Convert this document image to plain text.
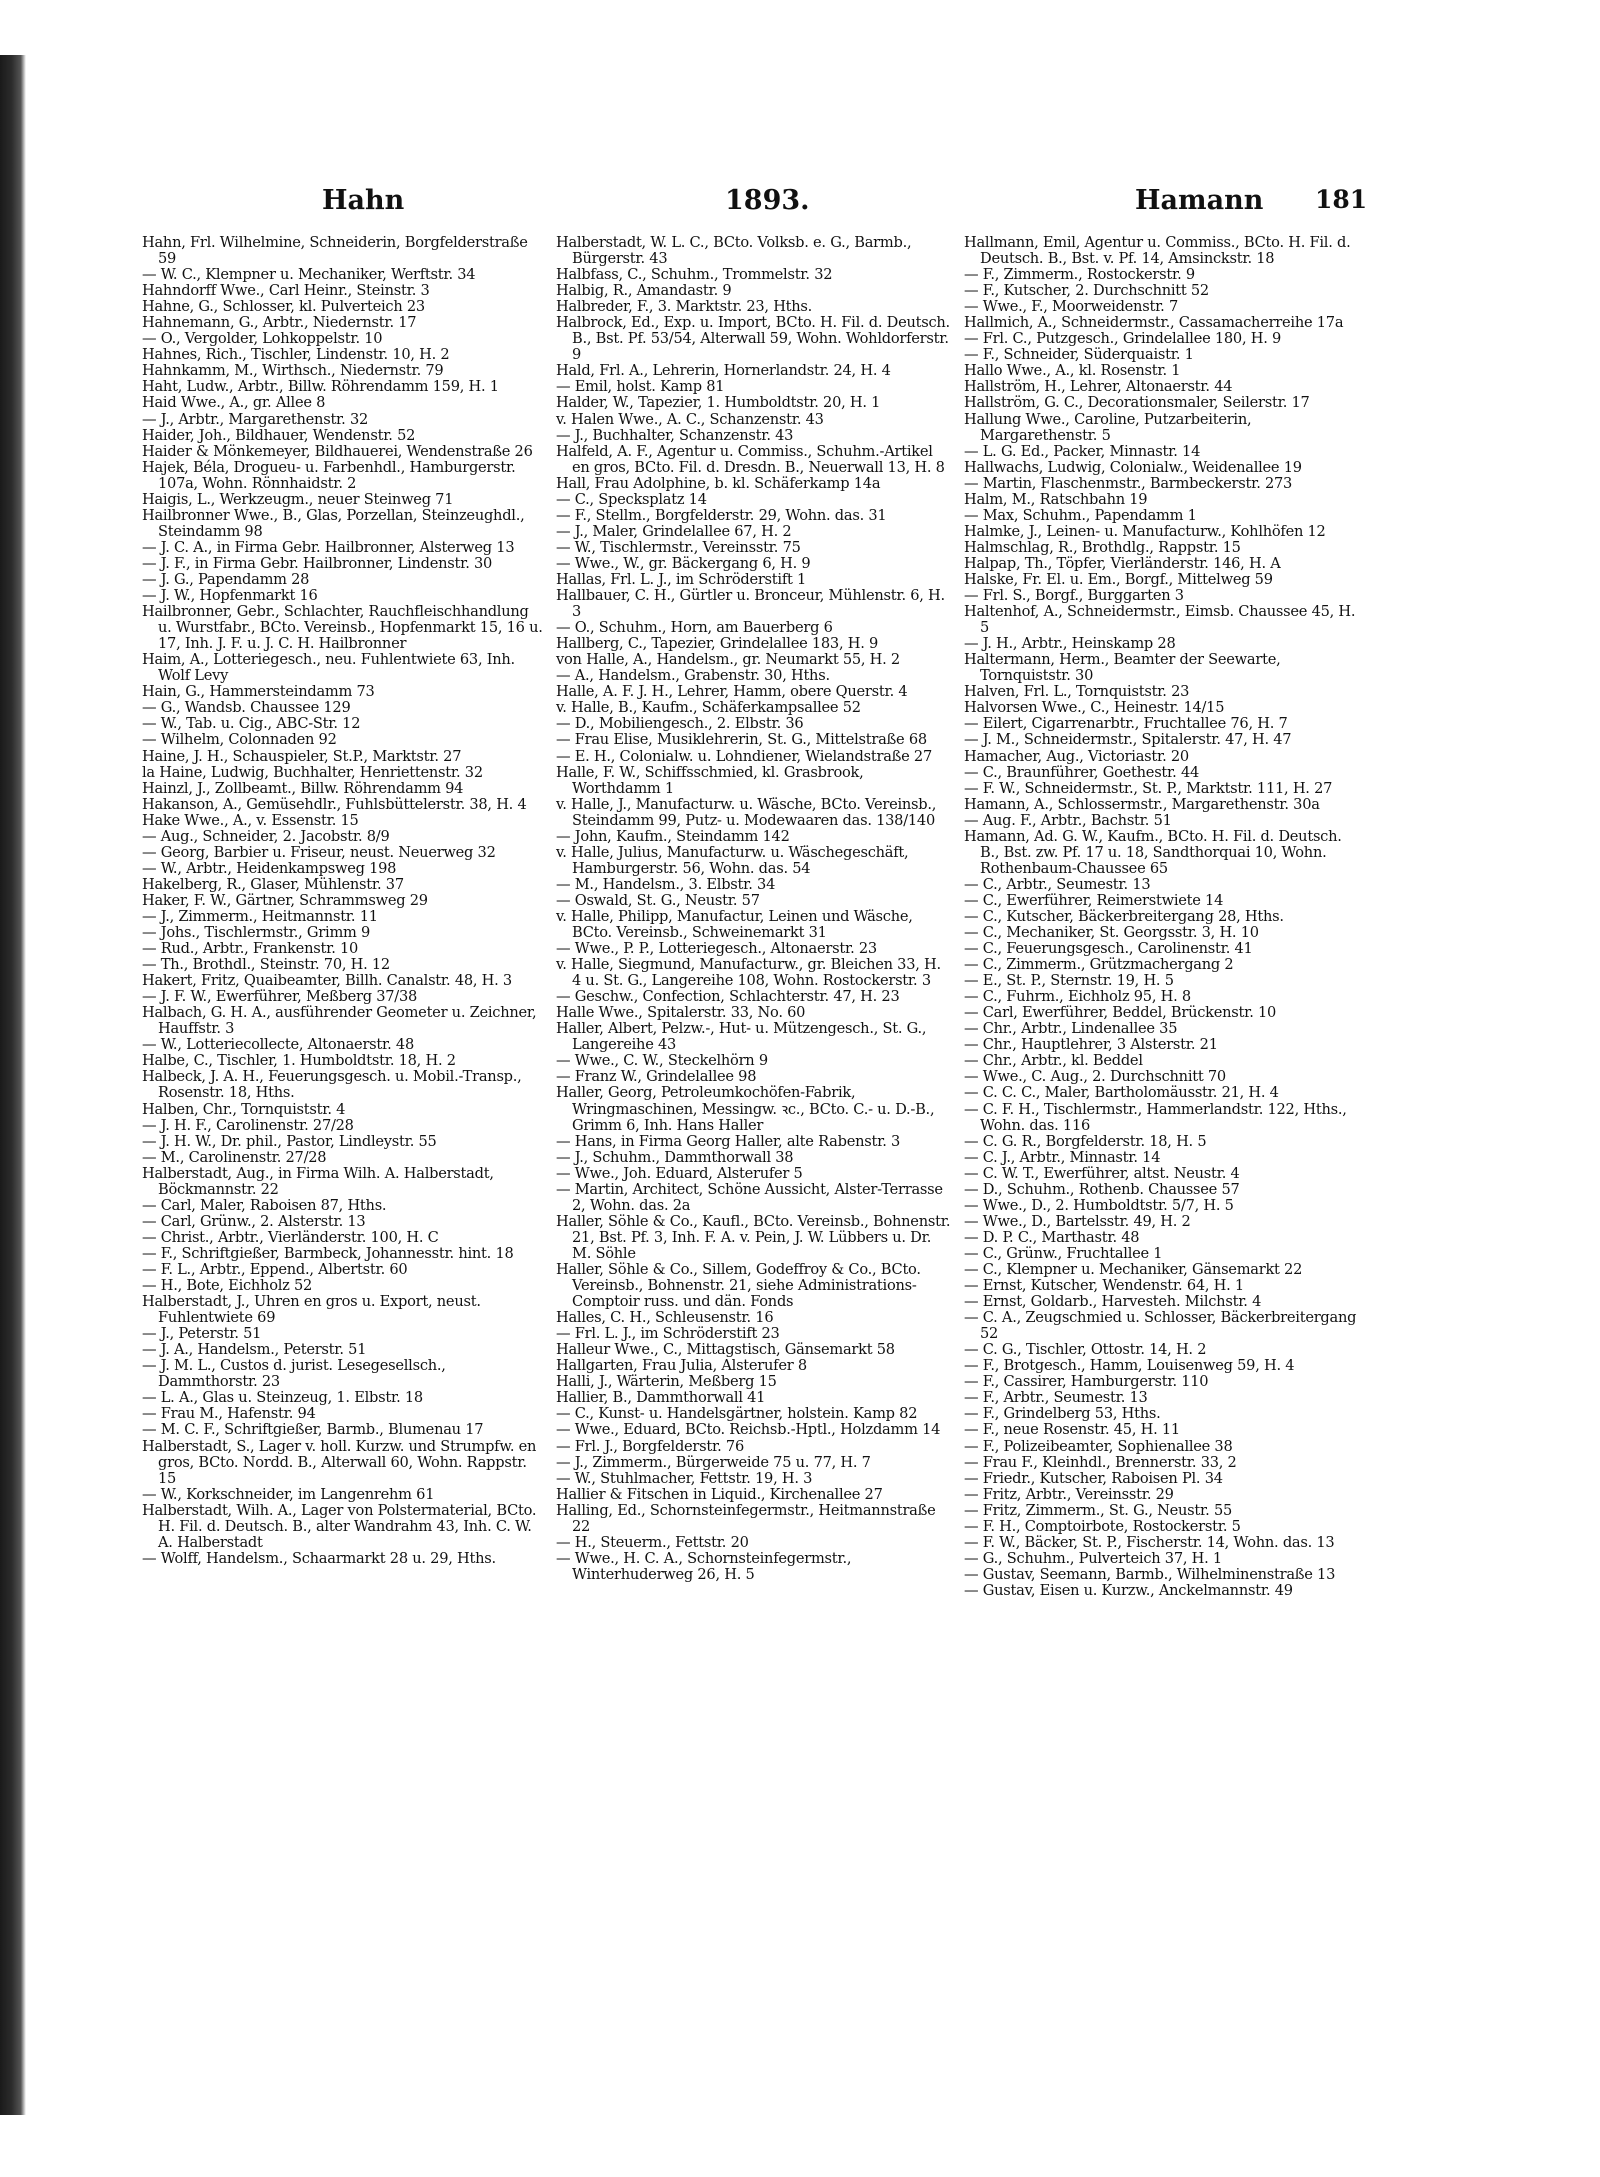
Hahn	1893.	Hamann 181
Hahn, Frl. Wilhelmine, Schneiderin, Borgfelderstraße 59
— W. C., Klempner u. Mechaniker, Werftstr. 34
Hahndorff Wwe., Carl Heinr., Steinstr. 3
Hahne, G., Schlosser, kl. Pulverteich 23
Hahnemann, G., Arbtr., Niedernstr. 17
— O., Vergolder, Lohkoppelstr. 10
Hahnes, Rich., Tischler, Lindenstr. 10, H. 2
Hahnkamm, M., Wirthsch., Niedernstr. 79
Haht, Ludw., Arbtr., Billw. Röhrendamm 159, H. 1
Haid Wwe., A., gr. Allee 8
— J., Arbtr., Margarethenstr. 32
Haider, Joh., Bildhauer, Wendenstr. 52
Haider & Mönkemeyer, Bildhauerei, Wendenstraße 26
Hajek, Béla, Drogueu- u. Farbenhdl., Hamburgerstr. 107a, Wohn. Rönnhaidstr. 2
Haigis, L., Werkzeugm., neuer Steinweg 71
Hailbronner Wwe., B., Glas, Porzellan, Steinzeughdl., Steindamm 98
— J. C. A., in Firma Gebr. Hailbronner, Alsterweg 13
— J. F., in Firma Gebr. Hailbronner, Lindenstr. 30
— J. G., Papendamm 28
— J. W., Hopfenmarkt 16
Hailbronner, Gebr., Schlachter, Rauchfleischhandlung u. Wurstfabr., BCto. Vereinsb., Hopfenmarkt 15, 16 u. 17, Inh. J. F. u. J. C. H. Hailbronner
Haim, A., Lotteriegesch., neu. Fuhlentwiete 63, Inh. Wolf Levy
Hain, G., Hammersteindamm 73
— G., Wandsb. Chaussee 129
— W., Tab. u. Cig., ABC-Str. 12
— Wilhelm, Colonnaden 92
Haine, J. H., Schauspieler, St.P., Marktstr. 27
la Haine, Ludwig, Buchhalter, Henriettenstr. 32
Hainzl, J., Zollbeamt., Billw. Röhrendamm 94
Hakanson, A., Gemüsehdlr., Fuhlsbüttelerstr. 38, H. 4
Hake Wwe., A., v. Essenstr. 15
— Aug., Schneider, 2. Jacobstr. 8/9
— Georg, Barbier u. Friseur, neust. Neuerweg 32
— W., Arbtr., Heidenkampsweg 198
Hakelberg, R., Glaser, Mühlenstr. 37
Haker, F. W., Gärtner, Schrammsweg 29
— J., Zimmerm., Heitmannstr. 11
— Johs., Tischlermstr., Grimm 9
— Rud., Arbtr., Frankenstr. 10
— Th., Brothdl., Steinstr. 70, H. 12
Hakert, Fritz, Quaibeamter, Billh. Canalstr. 48, H. 3
— J. F. W., Ewerführer, Meßberg 37/38
Halbach, G. H. A., ausführender Geometer u. Zeichner, Hauffstr. 3
— W., Lotteriecollecte, Altonaerstr. 48
Halbe, C., Tischler, 1. Humboldtstr. 18, H. 2
Halbeck, J. A. H., Feuerungsgesch. u. Mobil.-Transp., Rosenstr. 18, Hths.
Halben, Chr., Tornquiststr. 4
— J. H. F., Carolinenstr. 27/28
— J. H. W., Dr. phil., Pastor, Lindleystr. 55
— M., Carolinenstr. 27/28
Halberstadt, Aug., in Firma Wilh. A. Halberstadt, Böckmannstr. 22
— Carl, Maler, Raboisen 87, Hths.
— Carl, Grünw., 2. Alsterstr. 13
— Christ., Arbtr., Vierländerstr. 100, H. C
— F., Schriftgießer, Barmbeck, Johannesstr. hint. 18
— F. L., Arbtr., Eppend., Albertstr. 60
— H., Bote, Eichholz 52
Halberstadt, J., Uhren en gros u. Export, neust. Fuhlentwiete 69
— J., Peterstr. 51
— J. A., Handelsm., Peterstr. 51
— J. M. L., Custos d. jurist. Lesegesellsch., Dammthorstr. 23
— L. A., Glas u. Steinzeug, 1. Elbstr. 18
— Frau M., Hafenstr. 94
— M. C. F., Schriftgießer, Barmb., Blumenau 17
Halberstadt, S., Lager v. holl. Kurzw. und Strumpfw. en gros, BCto. Nordd. B., Alterwall 60, Wohn. Rappstr. 15
— W., Korkschneider, im Langenrehm 61
Halberstadt, Wilh. A., Lager von Polstermaterial, BCto. H. Fil. d. Deutsch. B., alter Wandrahm 43, Inh. C. W. A. Halberstadt
— Wolff, Handelsm., Schaarmarkt 28 u. 29, Hths.
Halberstadt, W. L. C., BCto. Volksb. e. G., Barmb., Bürgerstr. 43
Halbfass, C., Schuhm., Trommelstr. 32
Halbig, R., Amandastr. 9
Halbreder, F., 3. Marktstr. 23, Hths.
Halbrock, Ed., Exp. u. Import, BCto. H. Fil. d. Deutsch. B., Bst. Pf. 53/54, Alterwall 59, Wohn. Wohldorferstr. 9
Hald, Frl. A., Lehrerin, Hornerlandstr. 24, H. 4
— Emil, holst. Kamp 81
Halder, W., Tapezier, 1. Humboldtstr. 20, H. 1
v. Halen Wwe., A. C., Schanzenstr. 43
— J., Buchhalter, Schanzenstr. 43
Halfeld, A. F., Agentur u. Commiss., Schuhm.-Artikel en gros, BCto. Fil. d. Dresdn. B., Neuerwall 13, H. 8
Hall, Frau Adolphine, b. kl. Schäferkamp 14a
— C., Specksplatz 14
— F., Stellm., Borgfelderstr. 29, Wohn. das. 31
— J., Maler, Grindelallee 67, H. 2
— W., Tischlermstr., Vereinsstr. 75
— Wwe., W., gr. Bäckergang 6, H. 9
Hallas, Frl. L. J., im Schröderstift 1
Hallbauer, C. H., Gürtler u. Bronceur, Mühlenstr. 6, H. 3
— O., Schuhm., Horn, am Bauerberg 6
Hallberg, C., Tapezier, Grindelallee 183, H. 9
von Halle, A., Handelsm., gr. Neumarkt 55, H. 2
— A., Handelsm., Grabenstr. 30, Hths.
Halle, A. F. J. H., Lehrer, Hamm, obere Querstr. 4
v. Halle, B., Kaufm., Schäferkampsallee 52
— D., Mobiliengesch., 2. Elbstr. 36
— Frau Elise, Musiklehrerin, St. G., Mittelstraße 68
— E. H., Colonialw. u. Lohndiener, Wielandstraße 27
Halle, F. W., Schiffsschmied, kl. Grasbrook, Worthdamm 1
v. Halle, J., Manufacturw. u. Wäsche, BCto. Vereinsb., Steindamm 99, Putz- u. Modewaaren das. 138/140
— John, Kaufm., Steindamm 142
v. Halle, Julius, Manufacturw. u. Wäschegeschäft, Hamburgerstr. 56, Wohn. das. 54
— M., Handelsm., 3. Elbstr. 34
— Oswald, St. G., Neustr. 57
v. Halle, Philipp, Manufactur, Leinen und Wäsche, BCto. Vereinsb., Schweinemarkt 31
— Wwe., P. P., Lotteriegesch., Altonaerstr. 23
v. Halle, Siegmund, Manufacturw., gr. Bleichen 33, H. 4 u. St. G., Langereihe 108, Wohn. Rostockerstr. 3
— Geschw., Confection, Schlachterstr. 47, H. 23
Halle Wwe., Spitalerstr. 33, No. 60
Haller, Albert, Pelzw.-, Hut- u. Mützengesch., St. G., Langereihe 43
— Wwe., C. W., Steckelhörn 9
— Franz W., Grindelallee 98
Haller, Georg, Petroleumkochöfen-Fabrik, Wringmaschinen, Messingw. ꝛc., BCto. C.- u. D.-B., Grimm 6, Inh. Hans Haller
— Hans, in Firma Georg Haller, alte Rabenstr. 3
— J., Schuhm., Dammthorwall 38
— Wwe., Joh. Eduard, Alsterufer 5
— Martin, Architect, Schöne Aussicht, Alster-Terrasse 2, Wohn. das. 2a
Haller, Söhle & Co., Kaufl., BCto. Vereinsb., Bohnenstr. 21, Bst. Pf. 3, Inh. F. A. v. Pein, J. W. Lübbers u. Dr. M. Söhle
Haller, Söhle & Co., Sillem, Godeffroy & Co., BCto. Vereinsb., Bohnenstr. 21, siehe Administrations-Comptoir russ. und dän. Fonds
Halles, C. H., Schleusenstr. 16
— Frl. L. J., im Schröderstift 23
Halleur Wwe., C., Mittagstisch, Gänsemarkt 58
Hallgarten, Frau Julia, Alsterufer 8
Halli, J., Wärterin, Meßberg 15
Hallier, B., Dammthorwall 41
— C., Kunst- u. Handelsgärtner, holstein. Kamp 82
— Wwe., Eduard, BCto. Reichsb.-Hptl., Holzdamm 14
— Frl. J., Borgfelderstr. 76
— J., Zimmerm., Bürgerweide 75 u. 77, H. 7
— W., Stuhlmacher, Fettstr. 19, H. 3
Hallier & Fitschen in Liquid., Kirchenallee 27
Halling, Ed., Schornsteinfegermstr., Heitmannstraße 22
— H., Steuerm., Fettstr. 20
— Wwe., H. C. A., Schornsteinfegermstr., Winterhuderweg 26, H. 5
Hallmann, Emil, Agentur u. Commiss., BCto. H. Fil. d. Deutsch. B., Bst. v. Pf. 14, Amsinckstr. 18
— F., Zimmerm., Rostockerstr. 9
— F., Kutscher, 2. Durchschnitt 52
— Wwe., F., Moorweidenstr. 7
Hallmich, A., Schneidermstr., Cassamacherreihe 17a
— Frl. C., Putzgesch., Grindelallee 180, H. 9
— F., Schneider, Süderquaistr. 1
Hallo Wwe., A., kl. Rosenstr. 1
Hallström, H., Lehrer, Altonaerstr. 44
Hallström, G. C., Decorationsmaler, Seilerstr. 17
Hallung Wwe., Caroline, Putzarbeiterin, Margarethenstr. 5
— L. G. Ed., Packer, Minnastr. 14
Hallwachs, Ludwig, Colonialw., Weidenallee 19
— Martin, Flaschenmstr., Barmbeckerstr. 273
Halm, M., Ratschbahn 19
— Max, Schuhm., Papendamm 1
Halmke, J., Leinen- u. Manufacturw., Kohlhöfen 12
Halmschlag, R., Brothdlg., Rappstr. 15
Halpap, Th., Töpfer, Vierländerstr. 146, H. A
Halske, Fr. El. u. Em., Borgf., Mittelweg 59
— Frl. S., Borgf., Burggarten 3
Haltenhof, A., Schneidermstr., Eimsb. Chaussee 45, H. 5
— J. H., Arbtr., Heinskamp 28
Haltermann, Herm., Beamter der Seewarte, Tornquiststr. 30
Halven, Frl. L., Tornquiststr. 23
Halvorsen Wwe., C., Heinestr. 14/15
— Eilert, Cigarrenarbtr., Fruchtallee 76, H. 7
— J. M., Schneidermstr., Spitalerstr. 47, H. 47
Hamacher, Aug., Victoriastr. 20
— C., Braunführer, Goethestr. 44
— F. W., Schneidermstr., St. P., Marktstr. 111, H. 27
Hamann, A., Schlossermstr., Margarethenstr. 30a
— Aug. F., Arbtr., Bachstr. 51
Hamann, Ad. G. W., Kaufm., BCto. H. Fil. d. Deutsch. B., Bst. zw. Pf. 17 u. 18, Sandthorquai 10, Wohn. Rothenbaum-Chaussee 65
— C., Arbtr., Seumestr. 13
— C., Ewerführer, Reimerstwiete 14
— C., Kutscher, Bäckerbreitergang 28, Hths.
— C., Mechaniker, St. Georgsstr. 3, H. 10
— C., Feuerungsgesch., Carolinenstr. 41
— C., Zimmerm., Grützmachergang 2
— E., St. P., Sternstr. 19, H. 5
— C., Fuhrm., Eichholz 95, H. 8
— Carl, Ewerführer, Beddel, Brückenstr. 10
— Chr., Arbtr., Lindenallee 35
— Chr., Hauptlehrer, 3 Alsterstr. 21
— Chr., Arbtr., kl. Beddel
— Wwe., C. Aug., 2. Durchschnitt 70
— C. C. C., Maler, Bartholomäusstr. 21, H. 4
— C. F. H., Tischlermstr., Hammerlandstr. 122, Hths., Wohn. das. 116
— C. G. R., Borgfelderstr. 18, H. 5
— C. J., Arbtr., Minnastr. 14
— C. W. T., Ewerführer, altst. Neustr. 4
— D., Schuhm., Rothenb. Chaussee 57
— Wwe., D., 2. Humboldtstr. 5/7, H. 5
— Wwe., D., Bartelsstr. 49, H. 2
— D. P. C., Marthastr. 48
— C., Grünw., Fruchtallee 1
— C., Klempner u. Mechaniker, Gänsemarkt 22
— Ernst, Kutscher, Wendenstr. 64, H. 1
— Ernst, Goldarb., Harvestеh. Milchstr. 4
— C. A., Zeugschmied u. Schlosser, Bäckerbreitergang 52
— C. G., Tischler, Ottostr. 14, H. 2
— F., Brotgesch., Hamm, Louisenweg 59, H. 4
— F., Cassirer, Hamburgerstr. 110
— F., Arbtr., Seumestr. 13
— F., Grindelberg 53, Hths.
— F., neue Rosenstr. 45, H. 11
— F., Polizeibeamter, Sophienallee 38
— Frau F., Kleinhdl., Brennerstr. 33, 2
— Friedr., Kutscher, Rabоisen Pl. 34
— Fritz, Arbtr., Vereinsstr. 29
— Fritz, Zimmerm., St. G., Neustr. 55
— F. H., Comptoirbote, Rostockerstr. 5
— F. W., Bäcker, St. P., Fischerstr. 14, Wohn. das. 13
— G., Schuhm., Pulverteich 37, H. 1
— Gustav, Seemann, Barmb., Wilhelminenstraße 13
— Gustav, Eisen u. Kurzw., Anckelmannstr. 49
